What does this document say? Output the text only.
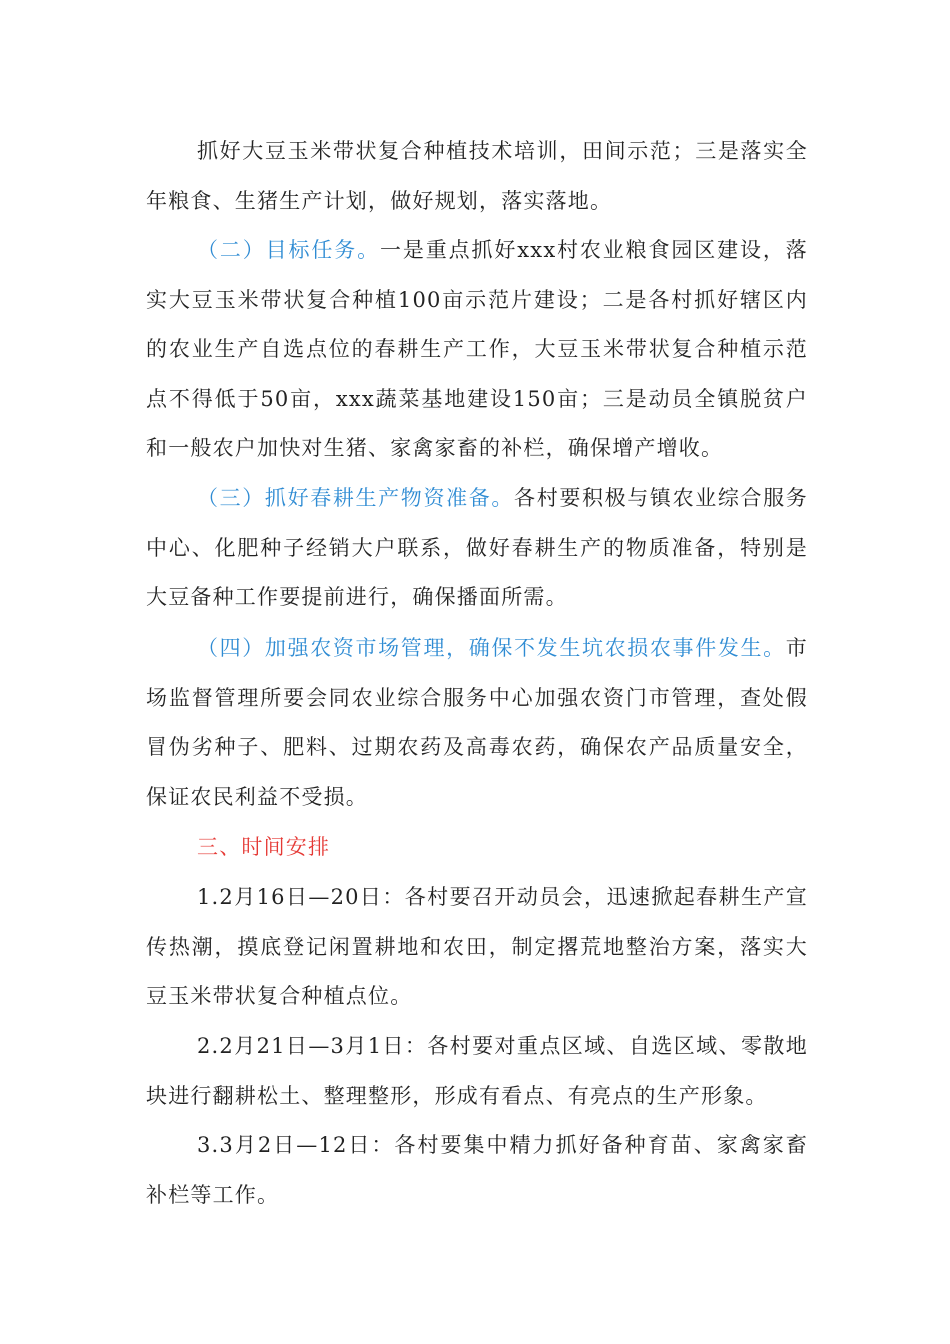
抓好大豆玉米带状复合种植技术培训，田间示范；三是落实全年粮食、生猪生产计划，做好规划，落实落地。

（二）目标任务。一是重点抓好xxx村农业粮食园区建设，落实大豆玉米带状复合种植100亩示范片建设；二是各村抓好辖区内的农业生产自选点位的春耕生产工作，大豆玉米带状复合种植示范点不得低于50亩，xxx蔬菜基地建设150亩；三是动员全镇脱贫户和一般农户加快对生猪、家禽家畜的补栏，确保增产增收。

（三）抓好春耕生产物资准备。各村要积极与镇农业综合服务中心、化肥种子经销大户联系，做好春耕生产的物质准备，特别是大豆备种工作要提前进行，确保播面所需。

（四）加强农资市场管理，确保不发生坑农损农事件发生。市场监督管理所要会同农业综合服务中心加强农资门市管理，查处假冒伪劣种子、肥料、过期农药及高毒农药，确保农产品质量安全，保证农民利益不受损。

三、时间安排

1.2月16日—20日：各村要召开动员会，迅速掀起春耕生产宣传热潮，摸底登记闲置耕地和农田，制定撂荒地整治方案，落实大豆玉米带状复合种植点位。

2.2月21日—3月1日：各村要对重点区域、自选区域、零散地块进行翻耕松土、整理整形，形成有看点、有亮点的生产形象。

3.3月2日—12日：各村要集中精力抓好备种育苗、家禽家畜补栏等工作。
